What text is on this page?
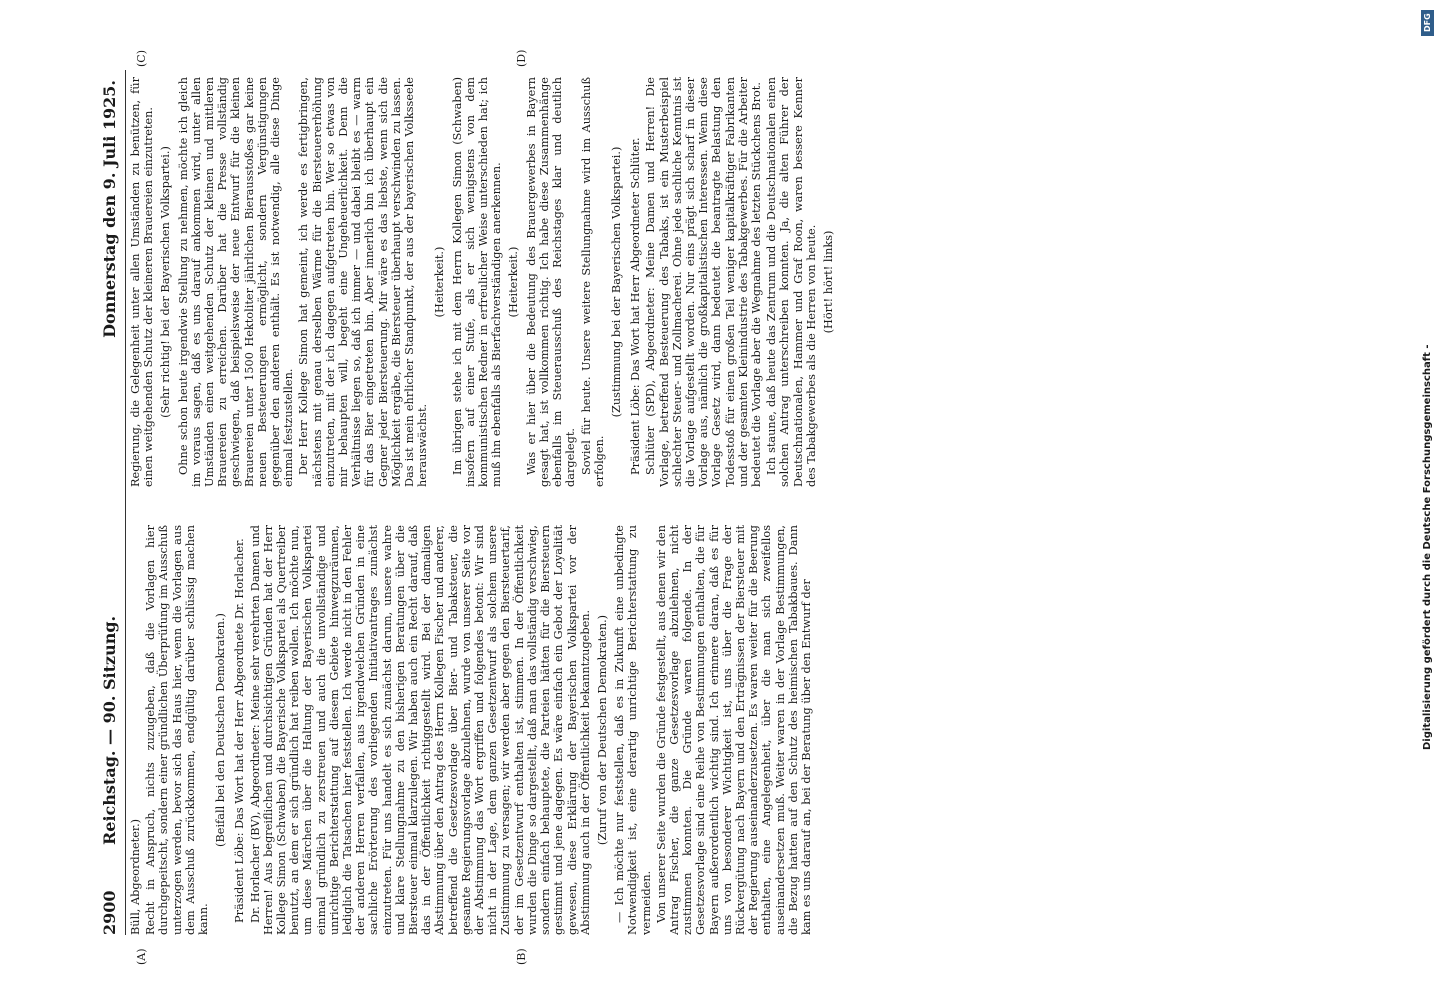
2900
Reichstag. — 90. Sitzung.
Donnerstag den 9. Juli 1925.

Büll, Abgeordneter.) Recht in Anspruch, nichts zuzugeben, daß die Vorlagen hier durchgepeitscht, sondern einer gründlichen Überprüfung im Ausschuß unterzogen werden, bevor sich das Haus hier, wenn die Vorlagen aus dem Ausschuß zurückkommen, endgültig darüber schlüssig machen kann.

(Beifall bei den Deutschen Demokraten.) Präsident Löbe: Das Wort hat der Herr Abgeordnete Dr. Horlacher. Dr. Horlacher (BV), Abgeordneter: Meine sehr verehrten Damen und Herren! Aus begreiflichen und durchsichtigen Gründen hat der Herr Kollege Simon (Schwaben) die Bayerische Volkspartei als Quertreiber benutzt, an dem er sich gründlich hat reiben wollen. Ich möchte nun, um diese Märchen über die Haltung der Bayerischen Volkspartei einmal gründlich zu zerstreuen und auch die unvollständige und unrichtige Berichterstattung auf diesem Gebiete hinwegzuräumen, lediglich die Tatsachen hier feststellen. Ich werde nicht in den Fehler der anderen Herren verfallen, aus irgendwelchen Gründen in eine sachliche Erörterung des vorliegenden Initiativantrages zunächst einzutreten. Für uns handelt es sich zunächst darum, unsere wahre und klare Stellungnahme zu den bisherigen Beratungen über die Biersteuer einmal klarzulegen. Wir haben auch ein Recht darauf, daß das in der Öffentlichkeit richtiggestellt wird. Bei der damaligen Abstimmung über den Antrag des Herrn Kollegen Fischer und anderer, betreffend die Gesetzesvorlage über Bier- und Tabaksteuer, die gesamte Regierungsvorlage abzulehnen, wurde von unserer Seite vor der Abstimmung das Wort ergriffen und folgendes betont: Wir sind nicht in der Lage, dem ganzen Gesetzentwurf als solchem unsere Zustimmung zu versagen; wir werden aber gegen den Biersteuertarif, der im Gesetzentwurf enthalten ist, stimmen. In der Öffentlichkeit wurden die Dinge so dargestellt, daß man das vollständig verschwieg, sondern einfach behauptete, die Parteien hätten für die Biersteuern gestimmt und jene dagegen. Es wäre einfach ein Gebot der Loyalität gewesen, diese Erklärung der Bayerischen Volkspartei vor der Abstimmung auch in der Öffentlichkeit bekanntzugeben. (Zuruf von der Deutschen Demokraten.) — Ich möchte nur feststellen, daß es in Zukunft eine unbedingte Notwendigkeit ist, eine derartig unrichtige Berichterstattung zu vermeiden. Von unserer Seite wurden die Gründe festgestellt, aus denen wir den Antrag Fischer, die ganze Gesetzesvorlage abzulehnen, nicht zustimmen konnten. Die Gründe waren folgende. In der Gesetzesvorlage sind eine Reihe von Bestimmungen enthalten, die für Bayern außerordentlich wichtig sind. Ich erinnere daran, daß es für uns von besonderer Wichtigkeit ist, uns über die Frage der Rückvergütung nach Bayern und den Erträgnissen der Biersteuer mit der Regierung auseinanderzusetzen. Es waren weiter für die Beerung enthalten, eine Angelegenheit, über die man sich zweifellos auseinandersetzen muß. Weiter waren in der Vorlage Bestimmungen, die Bezug hatten auf den Schutz des heimischen Tabakbaues. Dann kam es uns darauf an, bei der Beratung über den Entwurf der

Regierung, die Gelegenheit unter allen Umständen zu benützen, für einen weitgehenden Schutz der kleineren Brauereien einzutreten. (Sehr richtig! bei der Bayerischen Volkspartei.) Ohne schon heute irgendwie Stellung zu nehmen, möchte ich gleich im voraus sagen, daß es uns darauf ankommen wird, unter allen Umständen einen weitgehenden Schutz der kleinen und mittleren Brauereien zu erreichen. Darüber hat die Presse vollständig geschwiegen, daß beispielsweise der neue Entwurf für die kleinen Brauereien unter 1500 Hektoliter jährlichen Bierausstoßes gar keine neuen Besteuerungen ermöglicht, sondern Vergünstigungen gegenüber den anderen enthält. Es ist notwendig, alle diese Dinge einmal festzustellen. Der Herr Kollege Simon hat gemeint, ich werde es fertigbringen, nächstens mit genau derselben Wärme für die Biersteuererhöhung einzutreten, mit der ich dagegen aufgetreten bin. Wer so etwas von mir behaupten will, begeht eine Ungeheuerlichkeit. Denn die Verhältnisse liegen so, daß ich immer — und dabei bleibt es — warm für das Bier eingetreten bin. Aber innerlich bin ich überhaupt ein Gegner jeder Biersteuerung. Mir wäre es das liebste, wenn sich die Möglichkeit ergäbe, die Biersteuer überhaupt verschwinden zu lassen. Das ist mein ehrlicher Standpunkt, der aus der bayerischen Volksseele herauswächst.

(Heiterkeit.) Im übrigen stehe ich mit dem Herrn Kollegen Simon (Schwaben) insofern auf einer Stufe, als er sich wenigstens von dem kommunistischen Redner in erfreulicher Weise unterschieden hat; ich muß ihn ebenfalls als Bierfachverständigen anerkennen. (Heiterkeit.) Was er hier über die Bedeutung des Brauergewerbes in Bayern gesagt hat, ist vollkommen richtig. Ich habe diese Zusammenhänge ebenfalls im Steuerausschuß des Reichstages klar und deutlich dargelegt. Soviel für heute. Unsere weitere Stellungnahme wird im Ausschuß erfolgen.

(Zustimmung bei der Bayerischen Volkspartei.) Präsident Löbe: Das Wort hat Herr Abgeordneter Schlüter. Schlüter (SPD), Abgeordneter: Meine Damen und Herren! Die Vorlage, betreffend Besteuerung des Tabaks, ist ein Musterbeispiel schlechter Steuer- und Zollmacherei. Ohne jede sachliche Kenntnis ist die Vorlage aufgestellt worden. Nur eins prägt sich scharf in dieser Vorlage aus, nämlich die großkapitalistischen Interessen. Wenn diese Vorlage Gesetz wird, dann bedeutet die beantragte Belastung den Todesstoß für einen großen Teil weniger kapitalkräftiger Fabrikanten und der gesamten Kleinindustrie des Tabakgewerbes. Für die Arbeiter bedeutet die Vorlage aber die Wegnahme des letzten Stückchens Brot. Ich staune, daß heute das Zentrum und die Deutschnationalen einen solchen Antrag unterschreiben konnten. Ja, die alten Führer der Deutschnationalen, Hammer und Graf Roon, waren bessere Kenner des Tabakgewerbes als die Herren von heute. (Hört! hört! links)

(A)	(B)
(C)	(D)
Digitalisierung gefördert durch die Deutsche Forschungsgemeinschaft -
DFG
